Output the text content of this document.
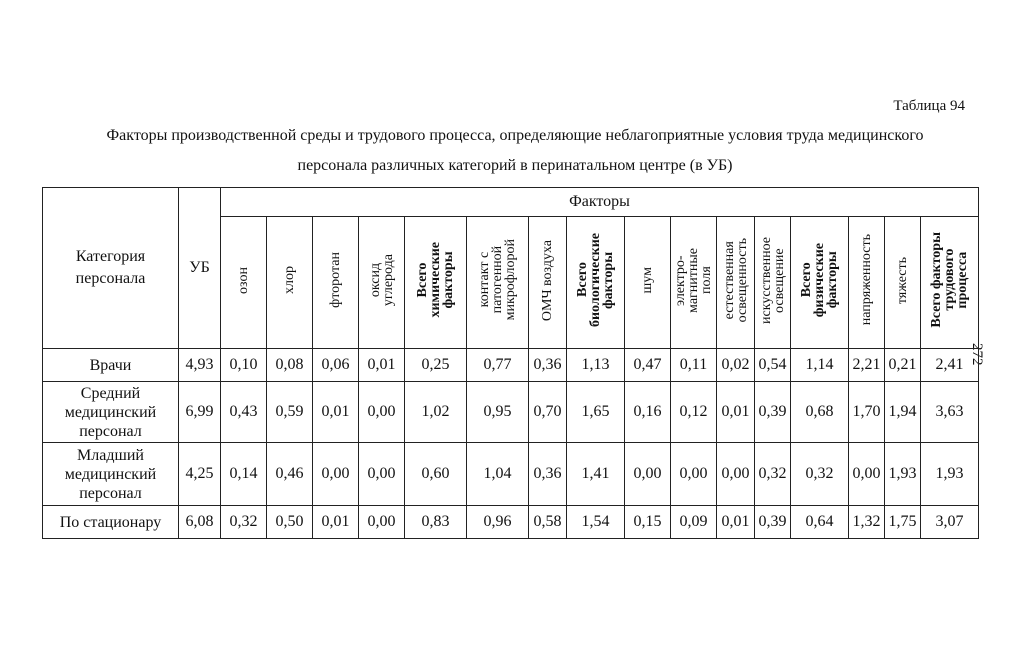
Таблица 94
Факторы производственной среды и трудового процесса, определяющие неблагоприятные условия труда медицинского
персонала различных категорий в перинатальном центре (в УБ)
272
Категория персонала	УБ	Факторы															
		озон	хлор	фторотан	оксид
углерода	Всего
химические
факторы	контакт с
патогенной
микрофлорой	ОМЧ воздуха	Всего
биологические
факторы	шум	электро-
магнитные
поля	естественная
освещенность	искусственное
освещение	Всего
физические
факторы	напряженность	тяжесть	Всего факторы
трудового
процесса
Врачи	4,93	0,10	0,08	0,06	0,01	0,25	0,77	0,36	1,13	0,47	0,11	0,02	0,54	1,14	2,21	0,21	2,41
Средний
медицинский
персонал	6,99	0,43	0,59	0,01	0,00	1,02	0,95	0,70	1,65	0,16	0,12	0,01	0,39	0,68	1,70	1,94	3,63
Младший
медицинский
персонал	4,25	0,14	0,46	0,00	0,00	0,60	1,04	0,36	1,41	0,00	0,00	0,00	0,32	0,32	0,00	1,93	1,93
По стационару	6,08	0,32	0,50	0,01	0,00	0,83	0,96	0,58	1,54	0,15	0,09	0,01	0,39	0,64	1,32	1,75	3,07
